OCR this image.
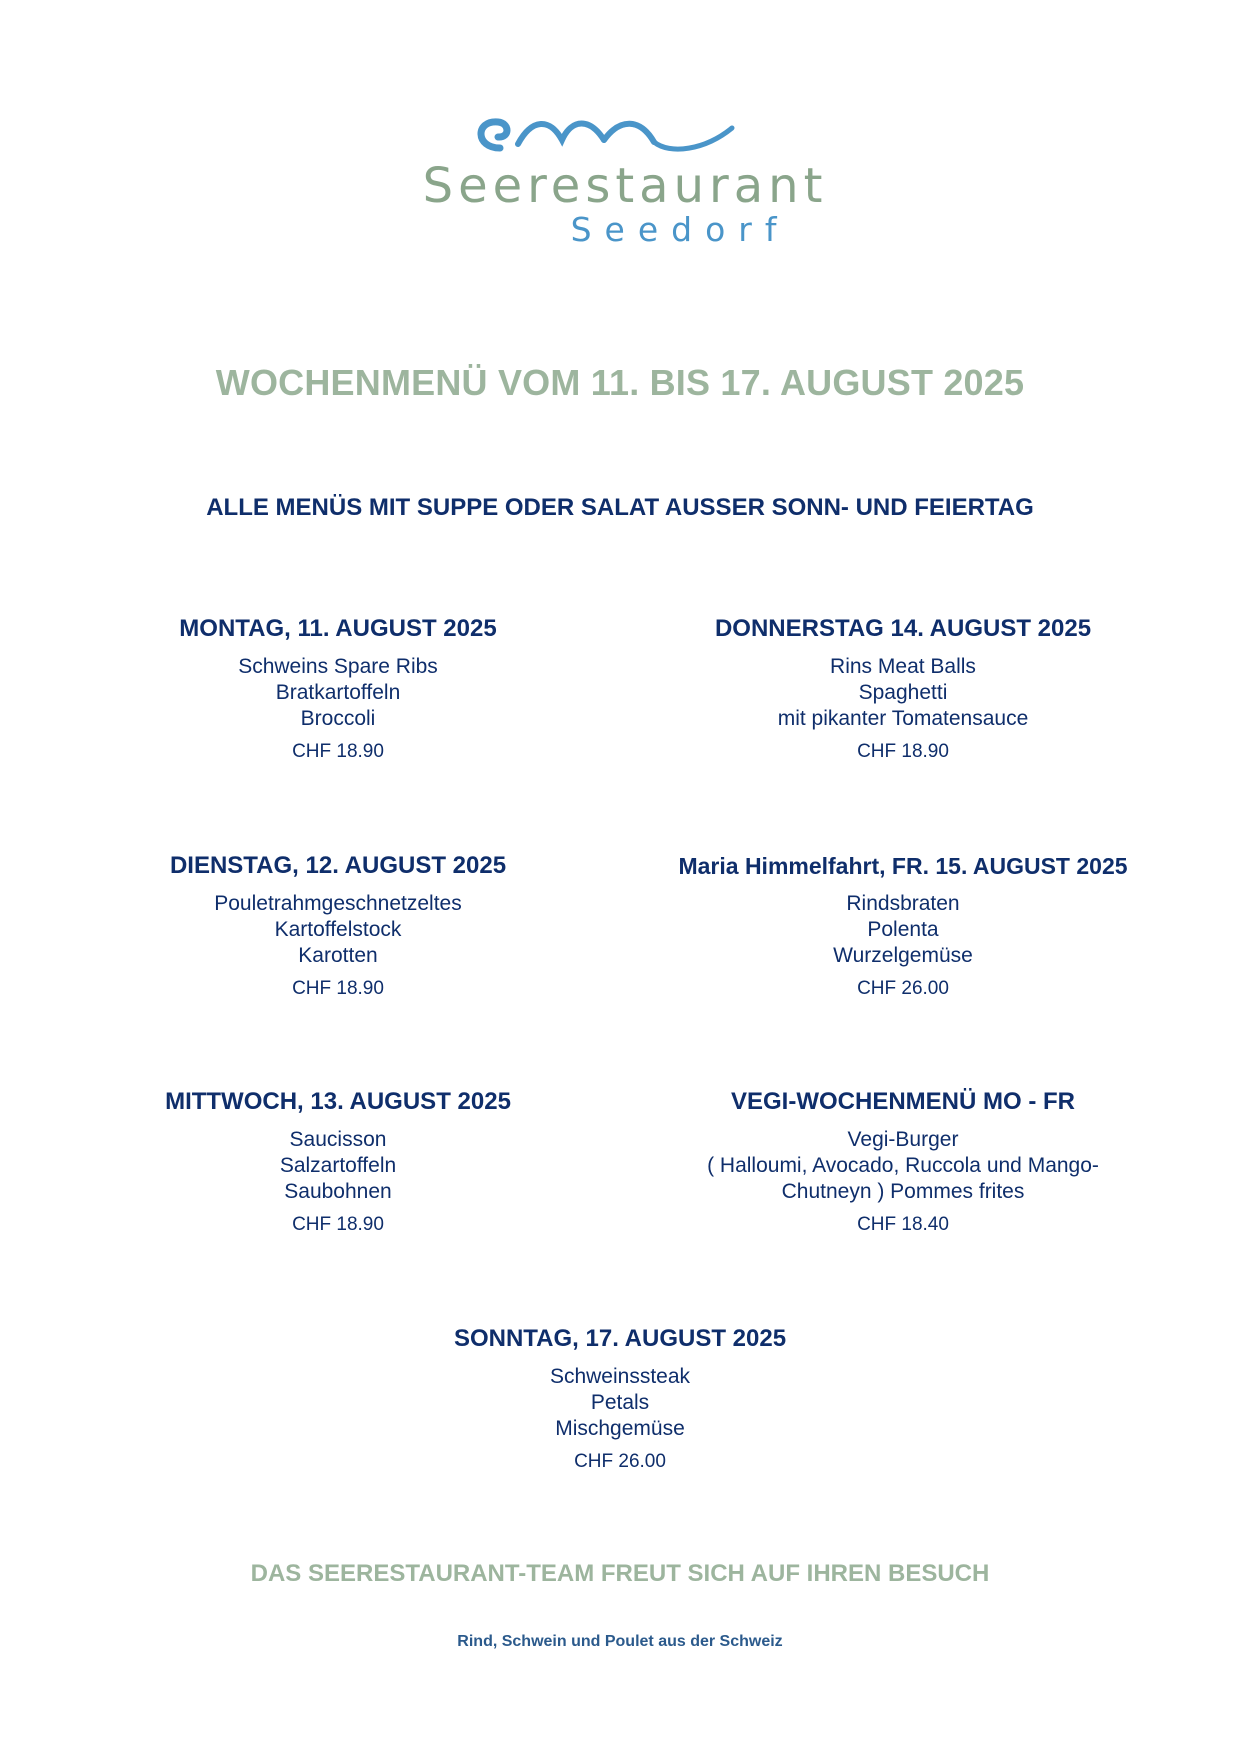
Seerestaurant
Seedorf
WOCHENMENÜ VOM 11. BIS 17. AUGUST 2025
ALLE MENÜS MIT SUPPE ODER SALAT AUSSER SONN- UND FEIERTAG
MONTAG, 11. AUGUST 2025
Schweins Spare Ribs
Bratkartoffeln
Broccoli
CHF 18.90
DONNERSTAG 14. AUGUST 2025
Rins Meat Balls
Spaghetti
mit pikanter Tomatensauce
CHF 18.90
DIENSTAG, 12. AUGUST 2025
Pouletrahmgeschnetzeltes
Kartoffelstock
Karotten
CHF 18.90
Maria Himmelfahrt, FR. 15. AUGUST 2025
Rindsbraten
Polenta
Wurzelgemüse
CHF 26.00
MITTWOCH, 13. AUGUST 2025
Saucisson
Salzartoffeln
Saubohnen
CHF 18.90
VEGI-WOCHENMENÜ MO - FR
Vegi-Burger
( Halloumi, Avocado, Ruccola und Mango-
Chutneyn ) Pommes frites
CHF 18.40
SONNTAG, 17. AUGUST 2025
Schweinssteak
Petals
Mischgemüse
CHF 26.00
DAS SEERESTAURANT-TEAM FREUT SICH AUF IHREN BESUCH
Rind, Schwein und Poulet aus der Schweiz
